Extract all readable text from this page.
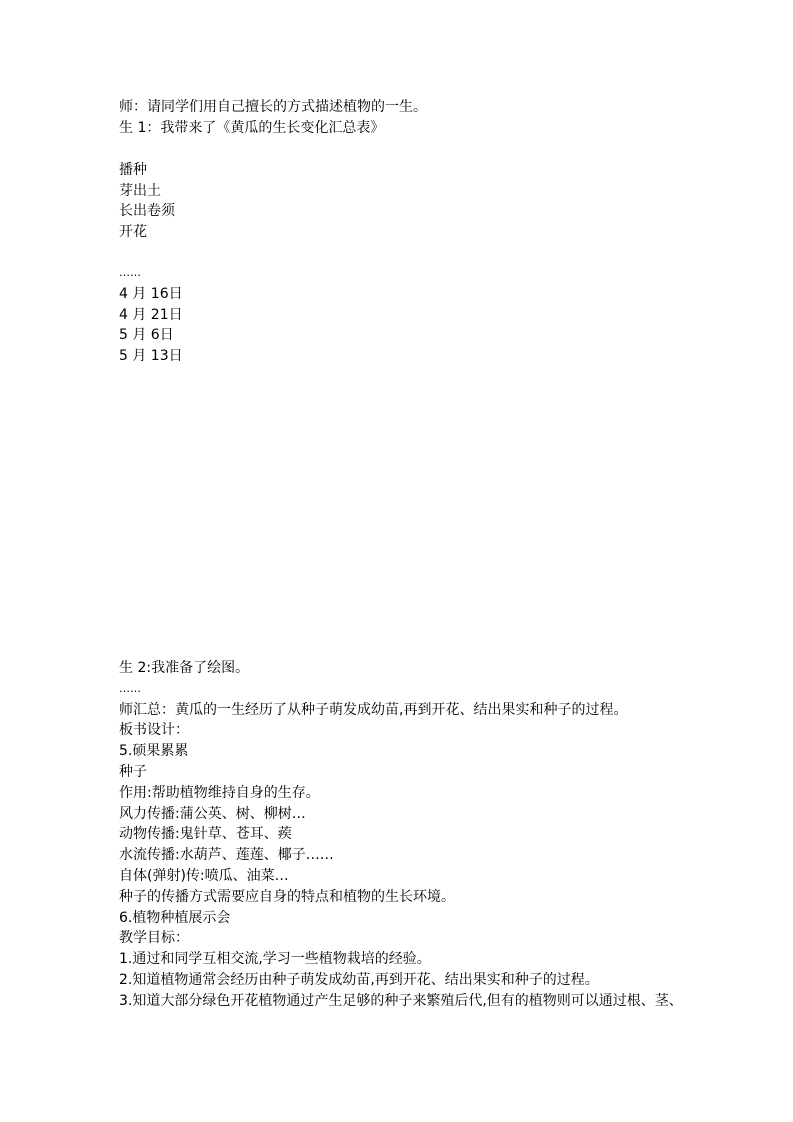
师：请同学们用自己擅长的方式描述植物的一生。
生 1：我带来了《黄瓜的生长变化汇总表》
播种
芽出土
长出卷须
开花
……
4 月 16日
4 月 21日
5 月 6日
5 月 13日
生 2:我准备了绘图。
……
师汇总：黄瓜的一生经历了从种子萌发成幼苗,再到开花、结出果实和种子的过程。
板书设计：
5.硕果累累
种子
作用:帮助植物维持自身的生存。
风力传播:蒲公英、树、柳树…
动物传播:鬼针草、苍耳、蒺
水流传播:水葫芦、莲莲、椰子……
自体(弹射)传:喷瓜、油菜…
种子的传播方式需要应自身的特点和植物的生长环境。
6.植物种植展示会
教学目标：
1.通过和同学互相交流,学习一些植物栽培的经验。
2.知道植物通常会经历由种子萌发成幼苗,再到开花、结出果实和种子的过程。
3.知道大部分绿色开花植物通过产生足够的种子来繁殖后代,但有的植物则可以通过根、茎、
